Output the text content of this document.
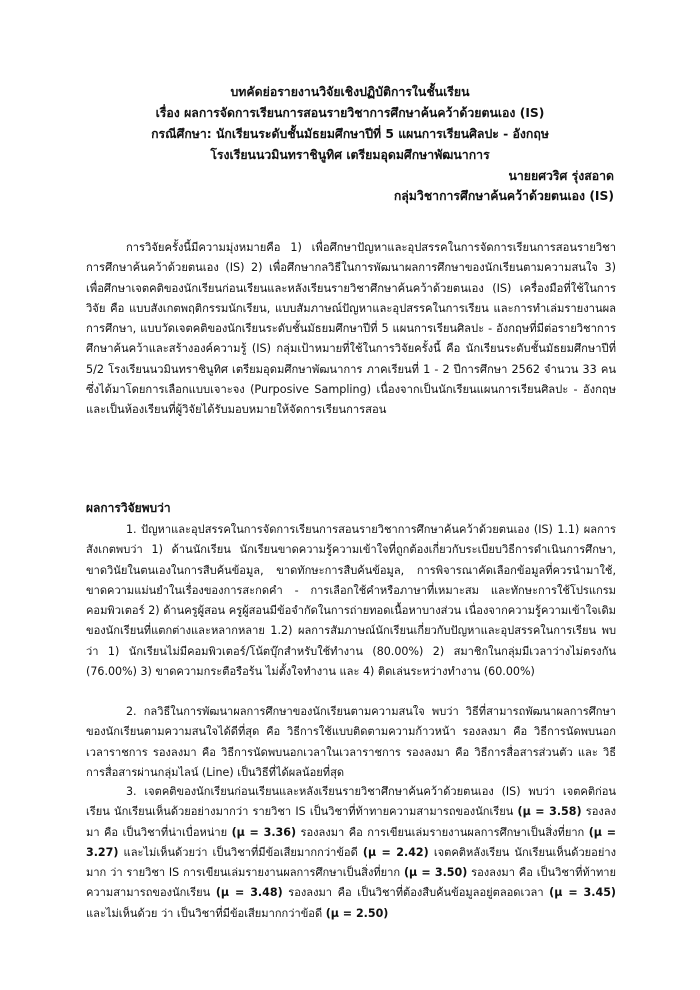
บทคัดย่อรายงานวิจัยเชิงปฏิบัติการในชั้นเรียน
เรื่อง ผลการจัดการเรียนการสอนรายวิชาการศึกษาค้นคว้าด้วยตนเอง (IS)
กรณีศึกษา: นักเรียนระดับชั้นมัธยมศึกษาปีที่ 5 แผนการเรียนศิลปะ - อังกฤษ
โรงเรียนนวมินทราชินูทิศ เตรียมอุดมศึกษาพัฒนาการ
นายยศวริศ รุ่งสอาด
กลุ่มวิชาการศึกษาค้นคว้าด้วยตนเอง (IS)
การวิจัยครั้งนี้มีความมุ่งหมายคือ 1) เพื่อศึกษาปัญหาและอุปสรรคในการจัดการเรียนการสอนรายวิชาการศึกษาค้นคว้าด้วยตนเอง (IS) 2) เพื่อศึกษากลวิธีในการพัฒนาผลการศึกษาของนักเรียนตามความสนใจ 3) เพื่อศึกษาเจตคติของนักเรียนก่อนเรียนและหลังเรียนรายวิชาศึกษาค้นคว้าด้วยตนเอง (IS) เครื่องมือที่ใช้ในการวิจัย คือ แบบสังเกตพฤติกรรมนักเรียน, แบบสัมภาษณ์ปัญหาและอุปสรรคในการเรียน และการทำเล่มรายงานผลการศึกษา, แบบวัดเจตคติของนักเรียนระดับชั้นมัธยมศึกษาปีที่ 5 แผนการเรียนศิลปะ - อังกฤษที่มีต่อรายวิชาการศึกษาค้นคว้าและสร้างองค์ความรู้ (IS) กลุ่มเป้าหมายที่ใช้ในการวิจัยครั้งนี้ คือ นักเรียนระดับชั้นมัธยมศึกษาปีที่ 5/2 โรงเรียนนวมินทราชินูทิศ เตรียมอุดมศึกษาพัฒนาการ ภาคเรียนที่ 1 - 2 ปีการศึกษา 2562 จำนวน 33 คน ซึ่งได้มาโดยการเลือกแบบเจาะจง (Purposive Sampling) เนื่องจากเป็นนักเรียนแผนการเรียนศิลปะ - อังกฤษ และเป็นห้องเรียนที่ผู้วิจัยได้รับมอบหมายให้จัดการเรียนการสอน
ผลการวิจัยพบว่า
1. ปัญหาและอุปสรรคในการจัดการเรียนการสอนรายวิชาการศึกษาค้นคว้าด้วยตนเอง (IS) 1.1) ผลการสังเกตพบว่า 1) ด้านนักเรียน นักเรียนขาดความรู้ความเข้าใจที่ถูกต้องเกี่ยวกับระเบียบวิธีการดำเนินการศึกษา, ขาดวินัยในตนเองในการสืบค้นข้อมูล, ขาดทักษะการสืบค้นข้อมูล, การพิจารณาคัดเลือกข้อมูลที่ควรนำมาใช้, ขาดความแม่นยำในเรื่องของการสะกดคำ - การเลือกใช้คำหรือภาษาที่เหมาะสม และทักษะการใช้โปรแกรมคอมพิวเตอร์ 2) ด้านครูผู้สอน ครูผู้สอนมีข้อจำกัดในการถ่ายทอดเนื้อหาบางส่วน เนื่องจากความรู้ความเข้าใจเดิมของนักเรียนที่แตกต่างและหลากหลาย 1.2) ผลการสัมภาษณ์นักเรียนเกี่ยวกับปัญหาและอุปสรรคในการเรียน พบว่า 1) นักเรียนไม่มีคอมพิวเตอร์/โน้ตบุ๊กสำหรับใช้ทำงาน (80.00%) 2) สมาชิกในกลุ่มมีเวลาว่างไม่ตรงกัน (76.00%) 3) ขาดความกระตือรือร้น ไม่ตั้งใจทำงาน และ 4) ติดเล่นระหว่างทำงาน (60.00%)
2. กลวิธีในการพัฒนาผลการศึกษาของนักเรียนตามความสนใจ พบว่า วิธีที่สามารถพัฒนาผลการศึกษาของนักเรียนตามความสนใจได้ดีที่สุด คือ วิธีการใช้แบบติดตามความก้าวหน้า รองลงมา คือ วิธีการนัดพบนอกเวลาราชการ รองลงมา คือ วิธีการนัดพบนอกเวลาในเวลาราชการ รองลงมา คือ วิธีการสื่อสารส่วนตัว และ วิธีการสื่อสารผ่านกลุ่มไลน์ (Line) เป็นวิธีที่ได้ผลน้อยที่สุด
3. เจตคติของนักเรียนก่อนเรียนและหลังเรียนรายวิชาศึกษาค้นคว้าด้วยตนเอง (IS) พบว่า เจตคติก่อนเรียน นักเรียนเห็นด้วยอย่างมากว่า รายวิชา IS เป็นวิชาที่ท้าทายความสามารถของนักเรียน (μ = 3.58) รองลงมา คือ เป็นวิชาที่น่าเบื่อหน่าย (μ = 3.36) รองลงมา คือ การเขียนเล่มรายงานผลการศึกษาเป็นสิ่งที่ยาก (μ = 3.27) และไม่เห็นด้วยว่า เป็นวิชาที่มีข้อเสียมากกว่าข้อดี (μ = 2.42) เจตคติหลังเรียน นักเรียนเห็นด้วยอย่างมาก ว่า รายวิชา IS การเขียนเล่มรายงานผลการศึกษาเป็นสิ่งที่ยาก (μ = 3.50) รองลงมา คือ เป็นวิชาที่ท้าทายความสามารถของนักเรียน (μ = 3.48) รองลงมา คือ เป็นวิชาที่ต้องสืบค้นข้อมูลอยู่ตลอดเวลา (μ = 3.45) และไม่เห็นด้วย ว่า เป็นวิชาที่มีข้อเสียมากกว่าข้อดี (μ = 2.50)
